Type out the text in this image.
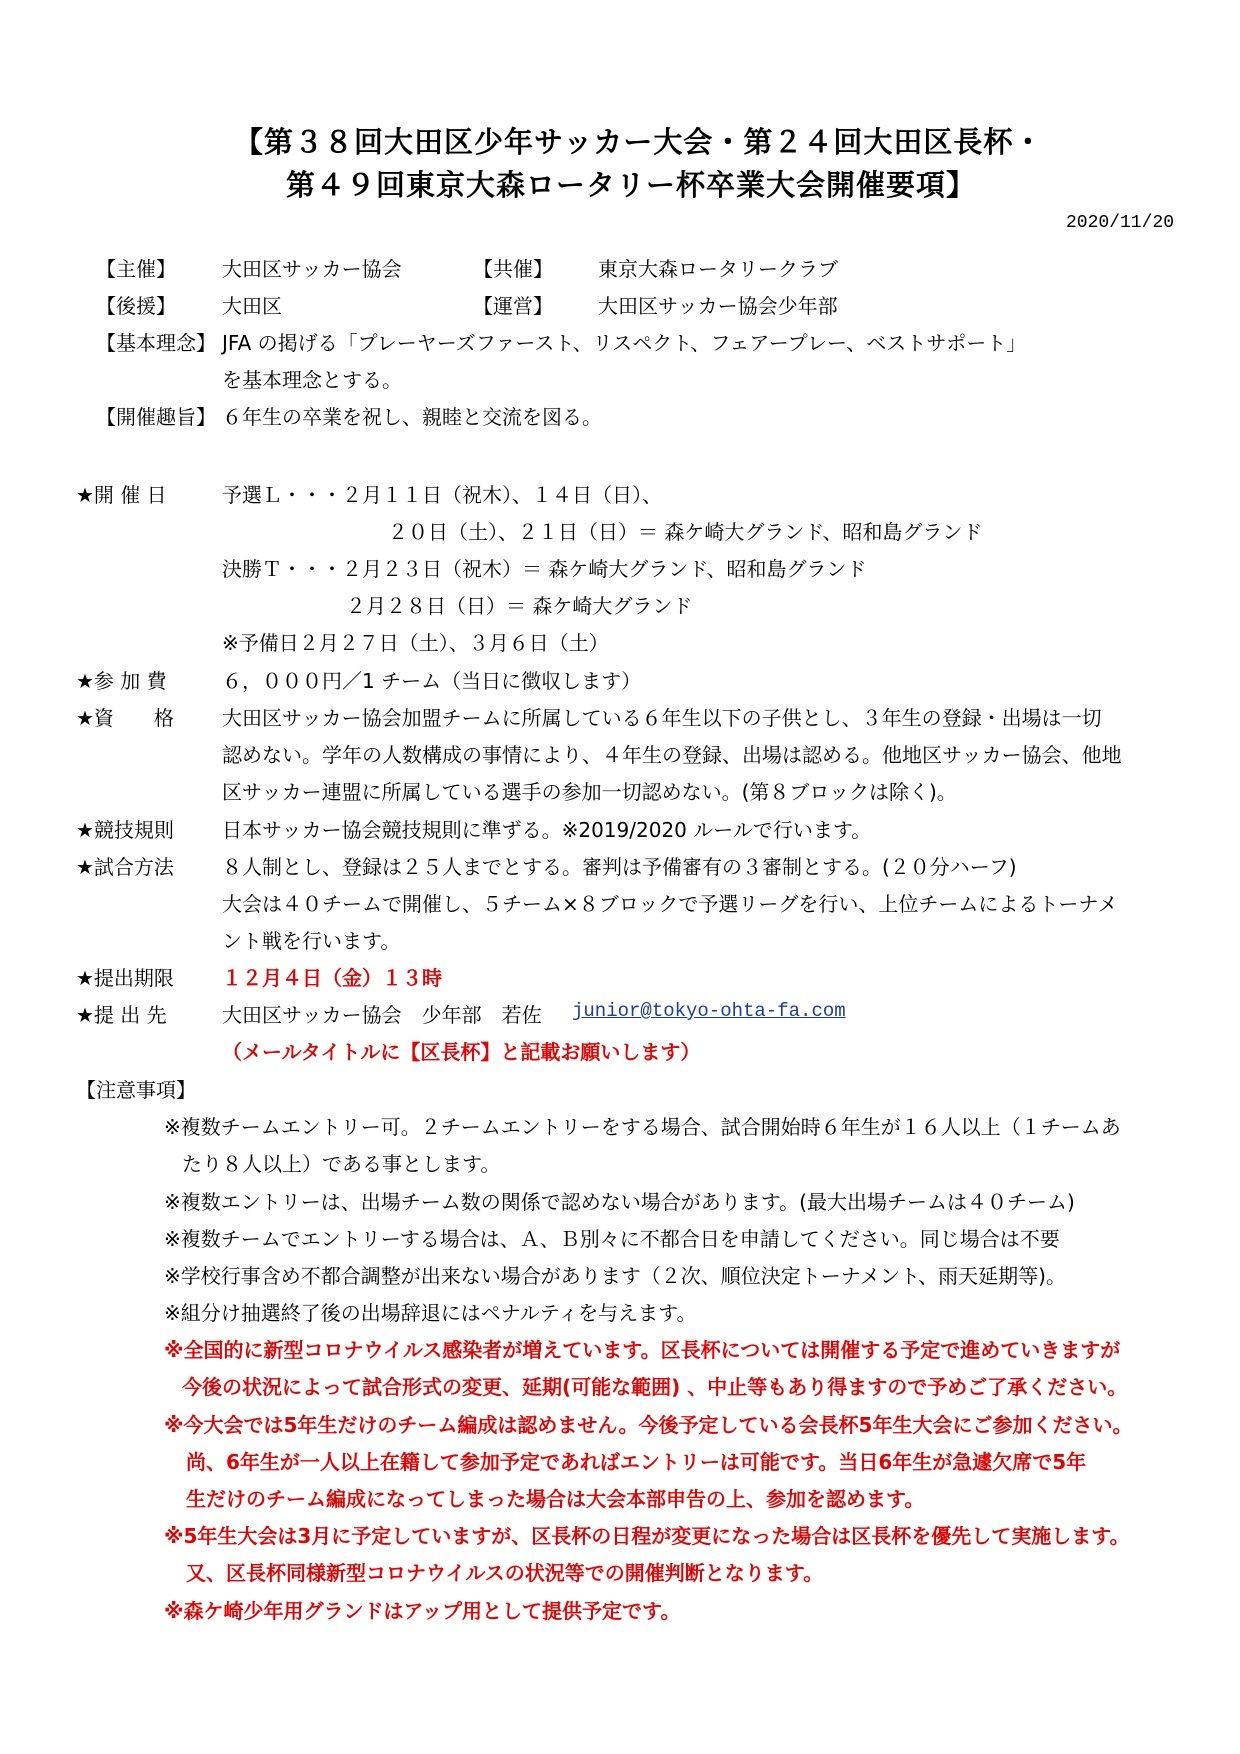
【第３８回大田区少年サッカー大会・第２４回大田区長杯・
第４９回東京大森ロータリー杯卒業大会開催要項】
2020/11/20
【主催】 大田区サッカー協会	【共催】 東京大森ロータリークラブ
【後援】 大田区	【運営】 大田区サッカー協会少年部
【基本理念】 JFA の掲げる「プレーヤーズファースト、リスペクト、フェアープレー、ベストサポート」
を基本理念とする。
【開催趣旨】 ６年生の卒業を祝し、親睦と交流を図る。
★開 催 日	予選Ｌ・・・２月１１日（祝木）、１４日（日）、
２０日（土）、２１日（日）＝ 森ケ崎大グランド、昭和島グランド
決勝Ｔ・・・２月２３日（祝木）＝ 森ケ崎大グランド、昭和島グランド
２月２８日（日）＝ 森ケ崎大グランド
※予備日２月２７日（土）、３月６日（土）
★参 加 費	６，０００円／1 チーム（当日に徴収します）
★資　　格 大田区サッカー協会加盟チームに所属している６年生以下の子供とし、３年生の登録・出場は一切
認めない。学年の人数構成の事情により、４年生の登録、出場は認める。他地区サッカー協会、他地
区サッカー連盟に所属している選手の参加一切認めない。(第８ブロックは除く)。
★競技規則 日本サッカー協会競技規則に準ずる。※2019/2020 ルールで行います。
★試合方法 ８人制とし、登録は２５人までとする。審判は予備審有の３審制とする。(２０分ハーフ)
大会は４０チームで開催し、５チーム×８ブロックで予選リーグを行い、上位チームによるトーナメ
ント戦を行います。
★提出期限 １２月４日（金）１３時
★提 出 先	大田区サッカー協会　少年部　若佐 junior@tokyo-ohta-fa.com
（メールタイトルに【区長杯】と記載お願いします）
【注意事項】
※複数チームエントリー可。２チームエントリーをする場合、試合開始時６年生が１６人以上（１チームあ
たり８人以上）である事とします。
※複数エントリーは、出場チーム数の関係で認めない場合があります。(最大出場チームは４０チーム)
※複数チームでエントリーする場合は、Ａ、Ｂ別々に不都合日を申請してください。同じ場合は不要
※学校行事含め不都合調整が出来ない場合があります（２次、順位決定トーナメント、雨天延期等)。
※組分け抽選終了後の出場辞退にはペナルティを与えます。
※全国的に新型コロナウイルス感染者が増えています。区長杯については開催する予定で進めていきますが
今後の状況によって試合形式の変更、延期(可能な範囲) 、中止等もあり得ますので予めご了承ください。
※今大会では5年生だけのチーム編成は認めません。今後予定している会長杯5年生大会にご参加ください。
尚、6年生が一人以上在籍して参加予定であればエントリーは可能です。当日6年生が急遽欠席で5年
生だけのチーム編成になってしまった場合は大会本部申告の上、参加を認めます。
※5年生大会は3月に予定していますが、区長杯の日程が変更になった場合は区長杯を優先して実施します。
又、区長杯同様新型コロナウイルスの状況等での開催判断となります。
※森ケ崎少年用グランドはアップ用として提供予定です。
